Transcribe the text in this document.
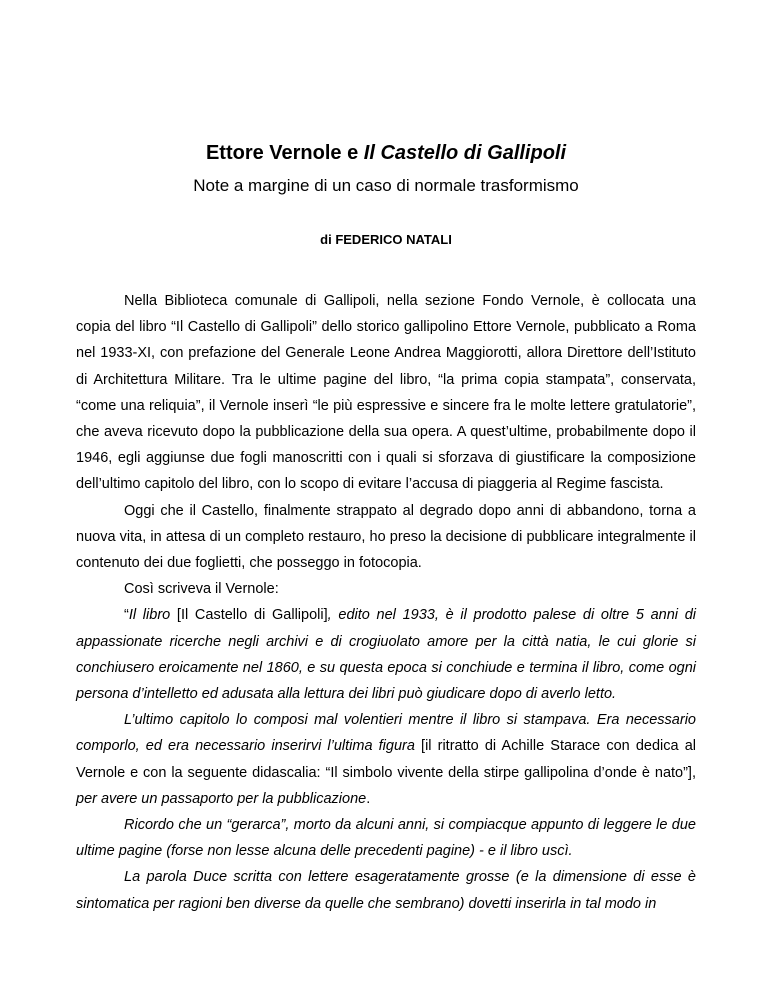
Ettore Vernole e Il Castello di Gallipoli
Note a margine di un caso di normale trasformismo
di FEDERICO NATALI

Nella Biblioteca comunale di Gallipoli, nella sezione Fondo Vernole, è collocata una copia del libro “Il Castello di Gallipoli” dello storico gallipolino Ettore Vernole, pubblicato a Roma nel 1933-XI, con prefazione del Generale Leone Andrea Maggiorotti, allora Direttore dell’Istituto di Architettura Militare. Tra le ultime pagine del libro, “la prima copia stampata”, conservata, “come una reliquia”, il Vernole inserì “le più espressive e sincere fra le molte lettere gratulatorie”, che aveva ricevuto dopo la pubblicazione della sua opera. A quest’ultime, probabilmente dopo il 1946, egli aggiunse due fogli manoscritti con i quali si sforzava di giustificare la composizione dell’ultimo capitolo del libro, con lo scopo di evitare l’accusa di piaggeria al Regime fascista.

Oggi che il Castello, finalmente strappato al degrado dopo anni di abbandono, torna a nuova vita, in attesa di un completo restauro, ho preso la decisione di pubblicare integralmente il contenuto dei due foglietti, che posseggo in fotocopia.

Così scriveva il Vernole:

“Il libro [Il Castello di Gallipoli], edito nel 1933, è il prodotto palese di oltre 5 anni di appassionate ricerche negli archivi e di crogiuolato amore per la città natia, le cui glorie si conchiusero eroicamente nel 1860, e su questa epoca si conchiude e termina il libro, come ogni persona d’intelletto ed adusata alla lettura dei libri può giudicare dopo di averlo letto.

L’ultimo capitolo lo composi mal volentieri mentre il libro si stampava. Era necessario comporlo, ed era necessario inserirvi l’ultima figura [il ritratto di Achille Starace con dedica al Vernole e con la seguente didascalia: “Il simbolo vivente della stirpe gallipolina d’onde è nato”], per avere un passaporto per la pubblicazione.

Ricordo che un “gerarca”, morto da alcuni anni, si compiacque appunto di leggere le due ultime pagine (forse non lesse alcuna delle precedenti pagine) - e il libro uscì.

La parola Duce scritta con lettere esageratamente grosse (e la dimensione di esse è sintomatica per ragioni ben diverse da quelle che sembrano) dovetti inserirla in tal modo in
